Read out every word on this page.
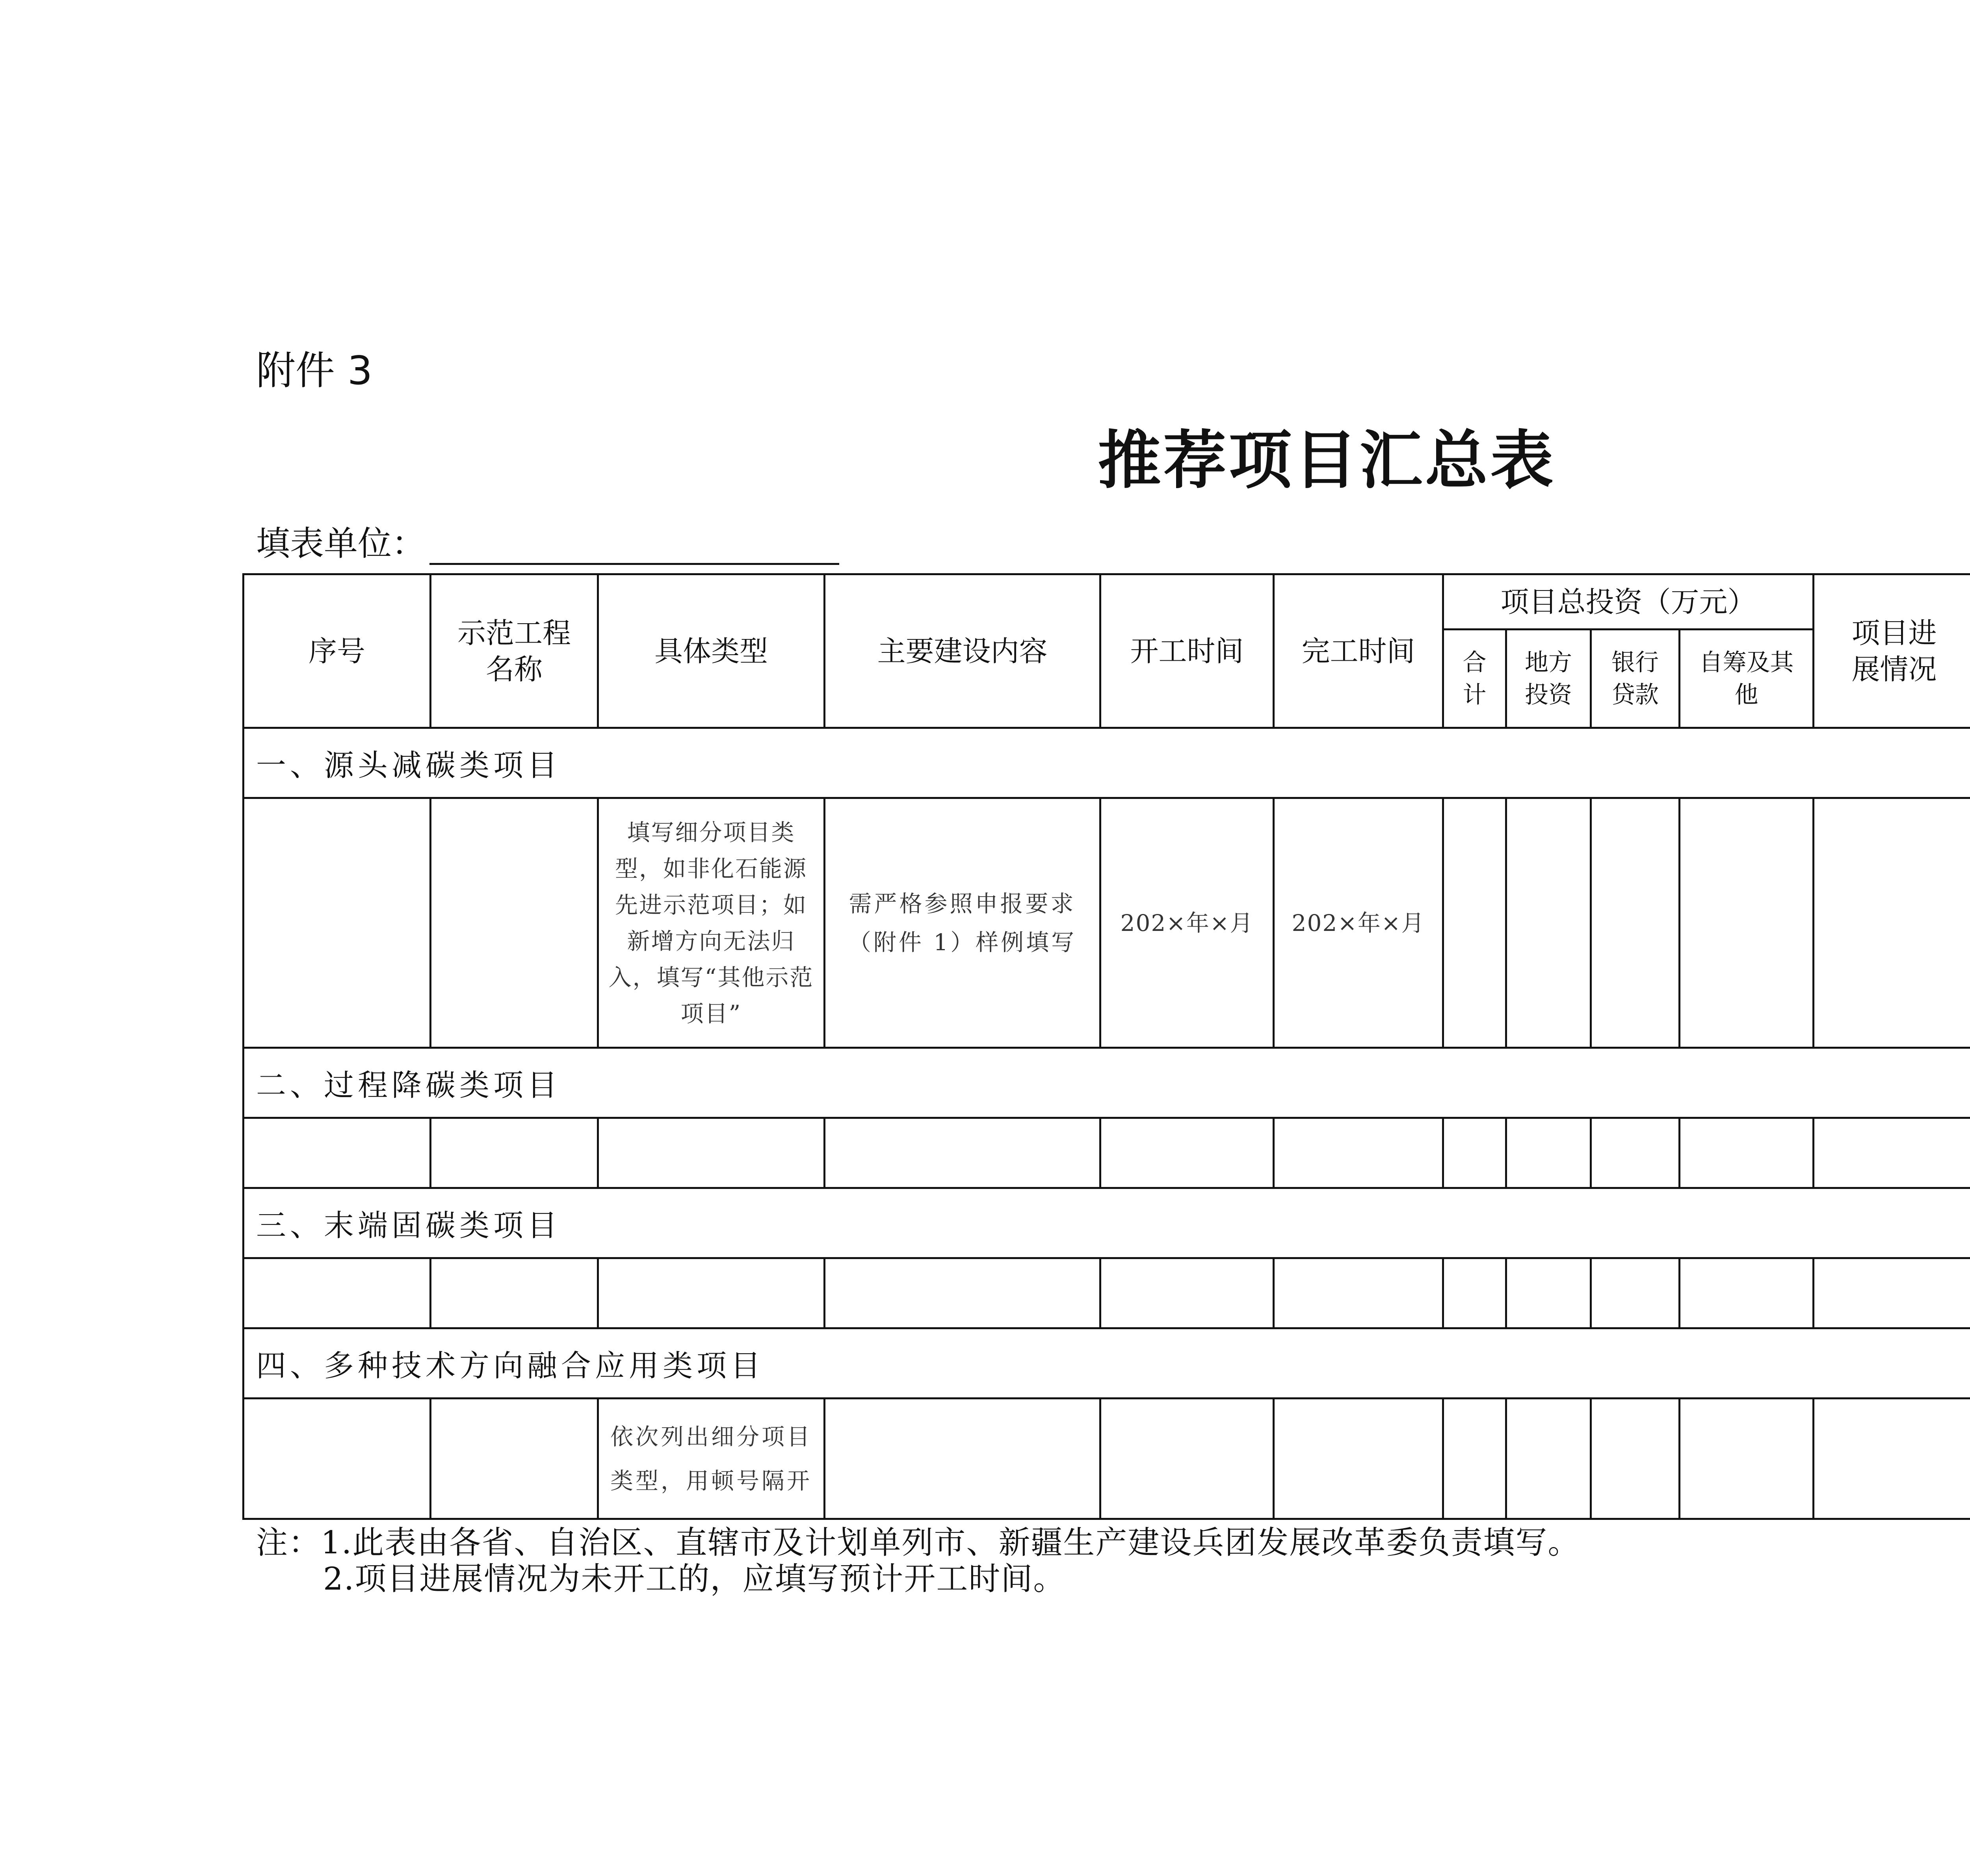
附件 3
推荐项目汇总表
填表单位：
序号	示范工程名称	具体类型	主要建设内容	开工时间	完工时间	项目总投资（万元）				项目进展情况		
						合计	地方投资	银行贷款	自筹及其他			
一、源头减碳类项目												
		填写细分项目类型，如非化石能源先进示范项目；如新增方向无法归入，填写“其他示范项目”	需严格参照申报要求（附件 1）样例填写	202×年×月	202×年×月						

二、过程降碳类项目												

三、末端固碳类项目												

四、多种技术方向融合应用类项目												
		依次列出细分项目类型，用顿号隔开										
注：1.此表由各省、自治区、直辖市及计划单列市、新疆生产建设兵团发展改革委负责填写。
2.项目进展情况为未开工的，应填写预计开工时间。
